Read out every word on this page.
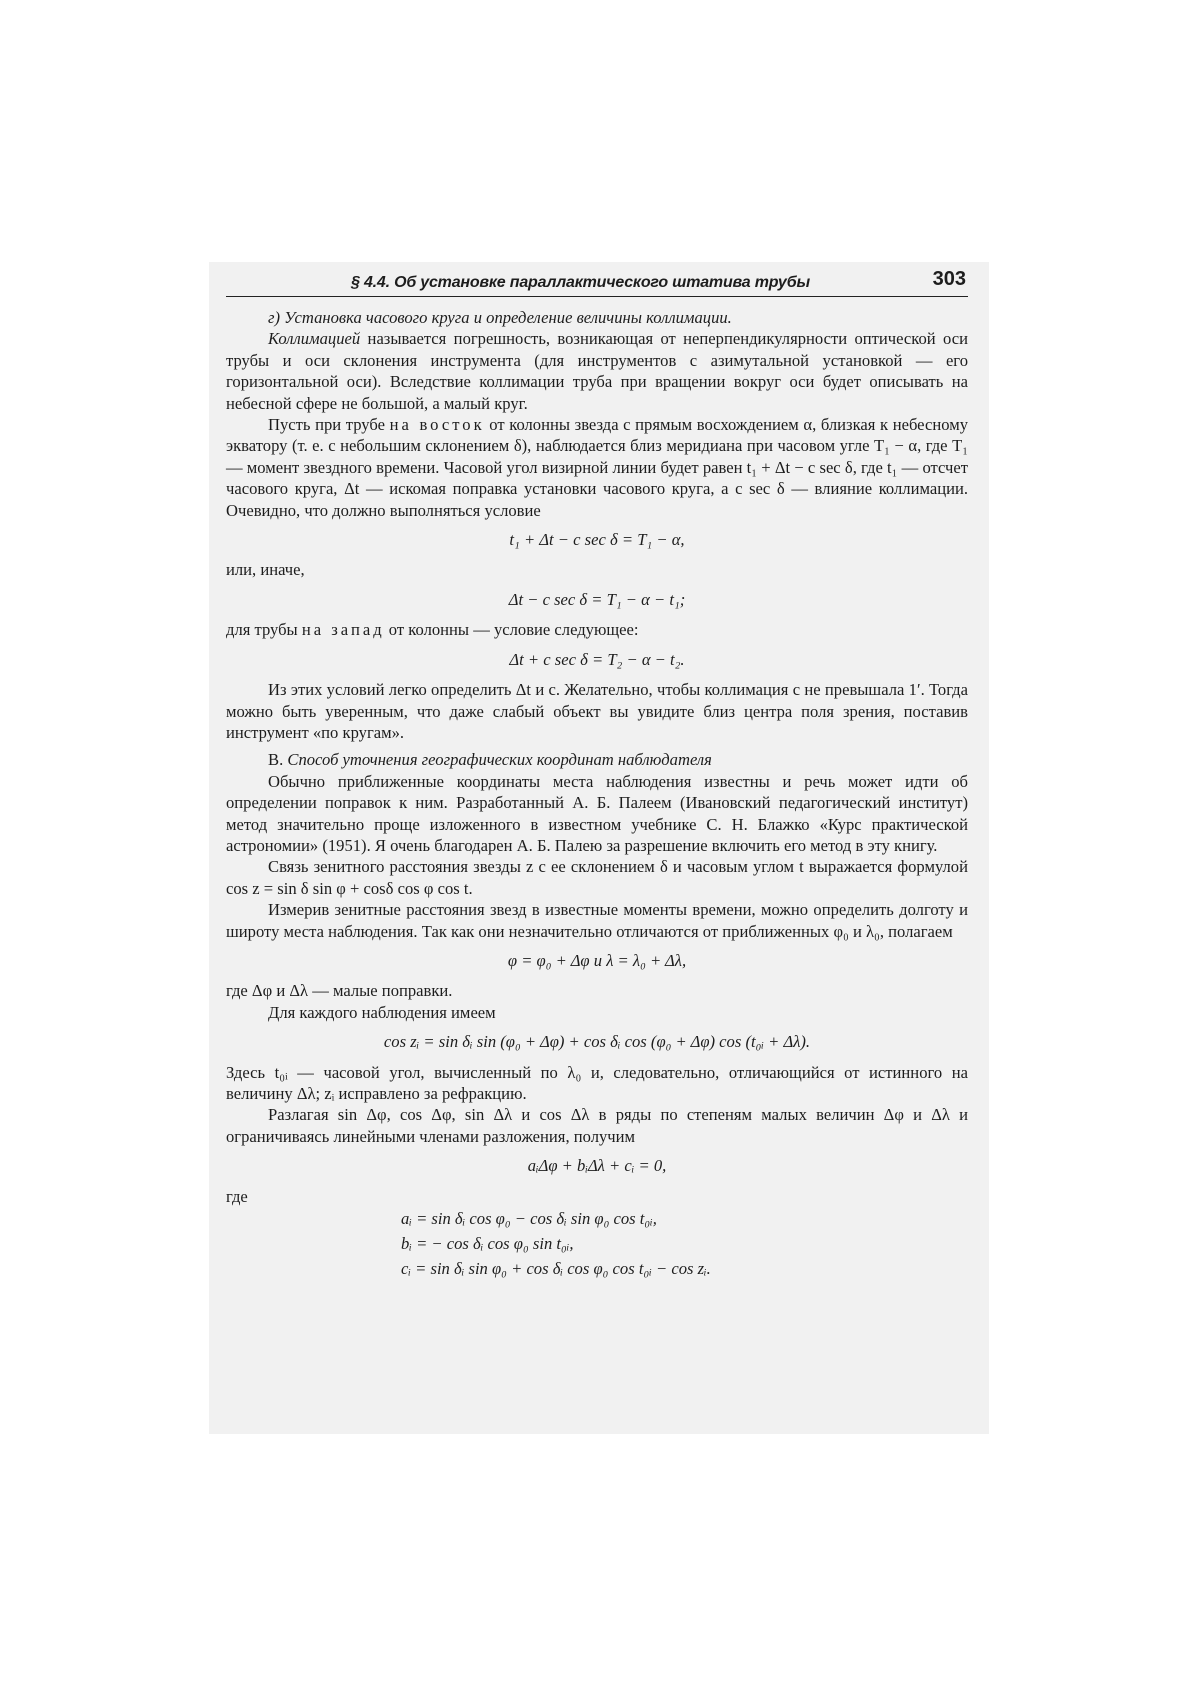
§ 4.4. Об установке параллактического штатива трубы	303

г) Установка часового круга и определение величины коллимации.

Коллимацией называется погрешность, возникающая от неперпендикулярности оптической оси трубы и оси склонения инструмента (для инструментов с азимутальной установкой — его горизонтальной оси). Вследствие коллимации труба при вращении вокруг оси будет описывать на небесной сфере не большой, а малый круг.

Пусть при трубе на восток от колонны звезда с прямым восхождением α, близкая к небесному экватору (т. е. с небольшим склонением δ), наблюдается близ меридиана при часовом угле T₁ − α, где T₁ — момент звездного времени. Часовой угол визирной линии будет равен t₁ + Δt − c sec δ, где t₁ — отсчет часового круга, Δt — искомая поправка установки часового круга, а c sec δ — влияние коллимации. Очевидно, что должно выполняться условие

t₁ + Δt − c sec δ = T₁ − α,

или, иначе,

Δt − c sec δ = T₁ − α − t₁;

для трубы на запад от колонны — условие следующее:

Δt + c sec δ = T₂ − α − t₂.

Из этих условий легко определить Δt и c. Желательно, чтобы коллимация c не превышала 1′. Тогда можно быть уверенным, что даже слабый объект вы увидите близ центра поля зрения, поставив инструмент «по кругам».

В. Способ уточнения географических координат наблюдателя

Обычно приближенные координаты места наблюдения известны и речь может идти об определении поправок к ним. Разработанный А. Б. Палеем (Ивановский педагогический институт) метод значительно проще изложенного в известном учебнике С. Н. Блажко «Курс практической астрономии» (1951). Я очень благодарен А. Б. Палею за разрешение включить его метод в эту книгу.

Связь зенитного расстояния звезды z с ее склонением δ и часовым углом t выражается формулой cos z = sin δ sin φ + cosδ cos φ cos t.

Измерив зенитные расстояния звезд в известные моменты времени, можно определить долготу и широту места наблюдения. Так как они незначительно отличаются от приближенных φ₀ и λ₀, полагаем

φ = φ₀ + Δφ и λ = λ₀ + Δλ,

где Δφ и Δλ — малые поправки.

Для каждого наблюдения имеем

cos zᵢ = sin δᵢ sin (φ₀ + Δφ) + cos δᵢ cos (φ₀ + Δφ) cos (t₀ᵢ + Δλ).

Здесь t₀ᵢ — часовой угол, вычисленный по λ₀ и, следовательно, отличающийся от истинного на величину Δλ; zᵢ исправлено за рефракцию.

Разлагая sin Δφ, cos Δφ, sin Δλ и cos Δλ в ряды по степеням малых величин Δφ и Δλ и ограничиваясь линейными членами разложения, получим

aᵢΔφ + bᵢΔλ + cᵢ = 0,
где
aᵢ = sin δᵢ cos φ₀ − cos δᵢ sin φ₀ cos t₀ᵢ,
bᵢ = − cos δᵢ cos φ₀ sin t₀ᵢ,
cᵢ = sin δᵢ sin φ₀ + cos δᵢ cos φ₀ cos t₀ᵢ − cos zᵢ.
